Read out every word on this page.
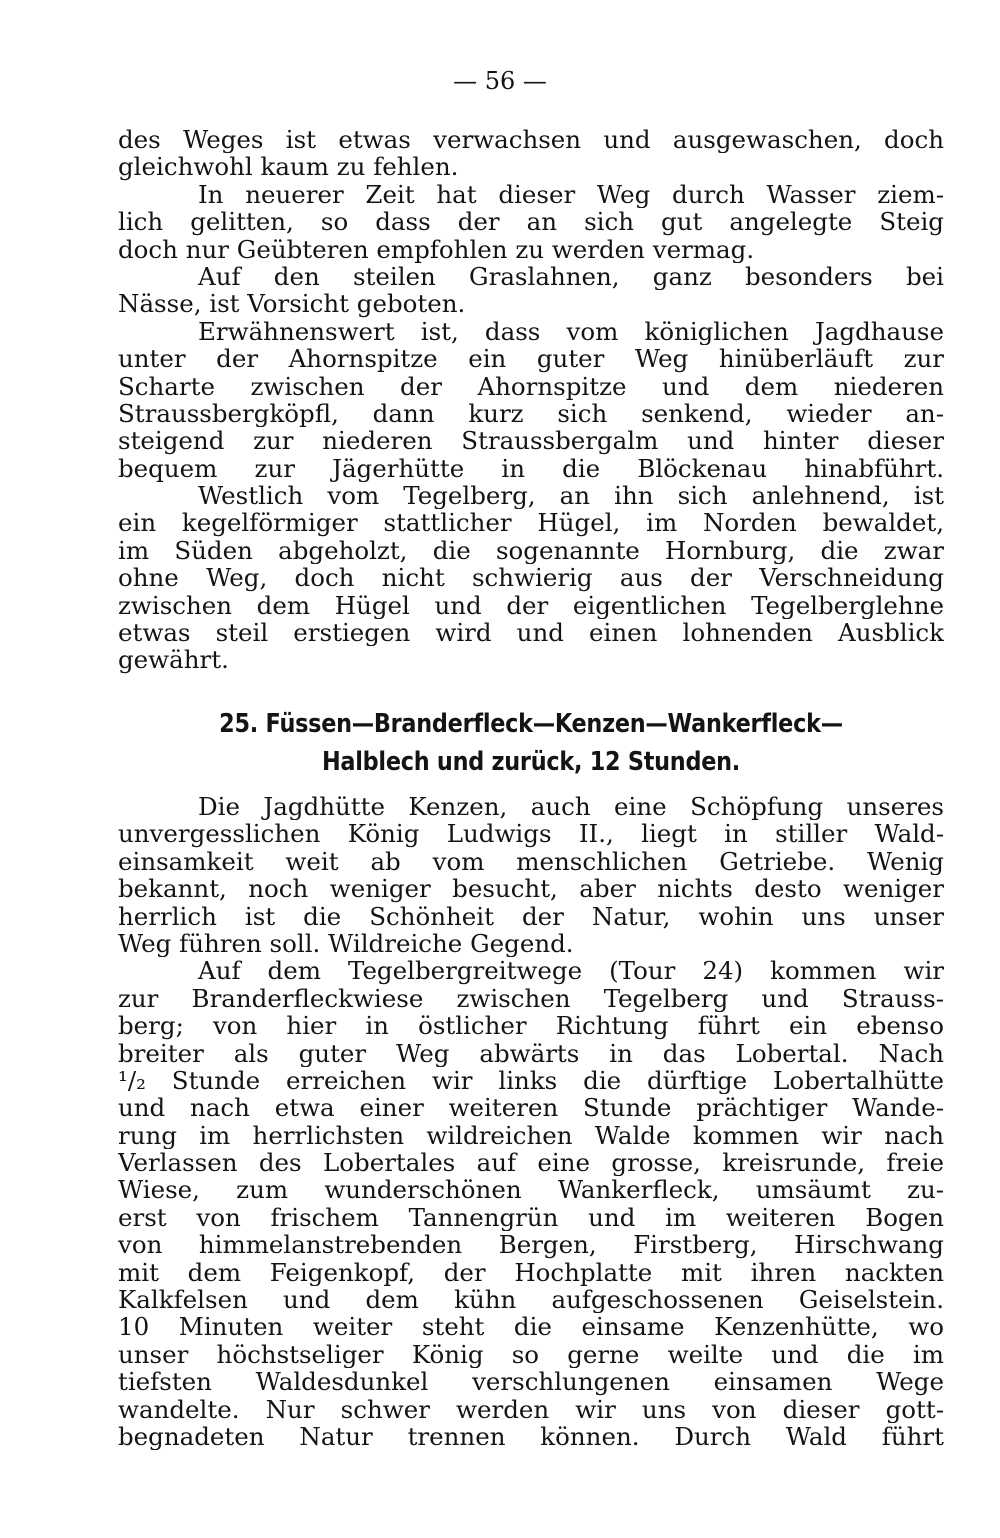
— 56 —
des Weges ist etwas verwachsen und ausgewaschen, doch
gleichwohl kaum zu fehlen.
In neuerer Zeit hat dieser Weg durch Wasser ziem-
lich gelitten, so dass der an sich gut angelegte Steig
doch nur Geübteren empfohlen zu werden vermag.
Auf den steilen Graslahnen, ganz besonders bei
Nässe, ist Vorsicht geboten.
Erwähnenswert ist, dass vom königlichen Jagdhause
unter der Ahornspitze ein guter Weg hinüberläuft zur
Scharte zwischen der Ahornspitze und dem niederen
Straussbergköpfl, dann kurz sich senkend, wieder an-
steigend zur niederen Straussbergalm und hinter dieser
bequem zur Jägerhütte in die Blöckenau hinabführt.
Westlich vom Tegelberg, an ihn sich anlehnend, ist
ein kegelförmiger stattlicher Hügel, im Norden bewaldet,
im Süden abgeholzt, die sogenannte Hornburg, die zwar
ohne Weg, doch nicht schwierig aus der Verschneidung
zwischen dem Hügel und der eigentlichen Tegelberglehne
etwas steil erstiegen wird und einen lohnenden Ausblick
gewährt.
25. Füssen—Branderfleck—Kenzen—Wankerfleck—
Halblech und zurück, 12 Stunden.
Die Jagdhütte Kenzen, auch eine Schöpfung unseres
unvergesslichen König Ludwigs II., liegt in stiller Wald-
einsamkeit weit ab vom menschlichen Getriebe. Wenig
bekannt, noch weniger besucht, aber nichts desto weniger
herrlich ist die Schönheit der Natur, wohin uns unser
Weg führen soll. Wildreiche Gegend.
Auf dem Tegelbergreitwege (Tour 24) kommen wir
zur Branderfleckwiese zwischen Tegelberg und Strauss-
berg; von hier in östlicher Richtung führt ein ebenso
breiter als guter Weg abwärts in das Lobertal. Nach
¹/₂ Stunde erreichen wir links die dürftige Lobertalhütte
und nach etwa einer weiteren Stunde prächtiger Wande-
rung im herrlichsten wildreichen Walde kommen wir nach
Verlassen des Lobertales auf eine grosse, kreisrunde, freie
Wiese, zum wunderschönen Wankerfleck, umsäumt zu-
erst von frischem Tannengrün und im weiteren Bogen
von himmelanstrebenden Bergen, Firstberg, Hirschwang
mit dem Feigenkopf, der Hochplatte mit ihren nackten
Kalkfelsen und dem kühn aufgeschossenen Geiselstein.
10 Minuten weiter steht die einsame Kenzenhütte, wo
unser höchstseliger König so gerne weilte und die im
tiefsten Waldesdunkel verschlungenen einsamen Wege
wandelte. Nur schwer werden wir uns von dieser gott-
begnadeten Natur trennen können. Durch Wald führt
